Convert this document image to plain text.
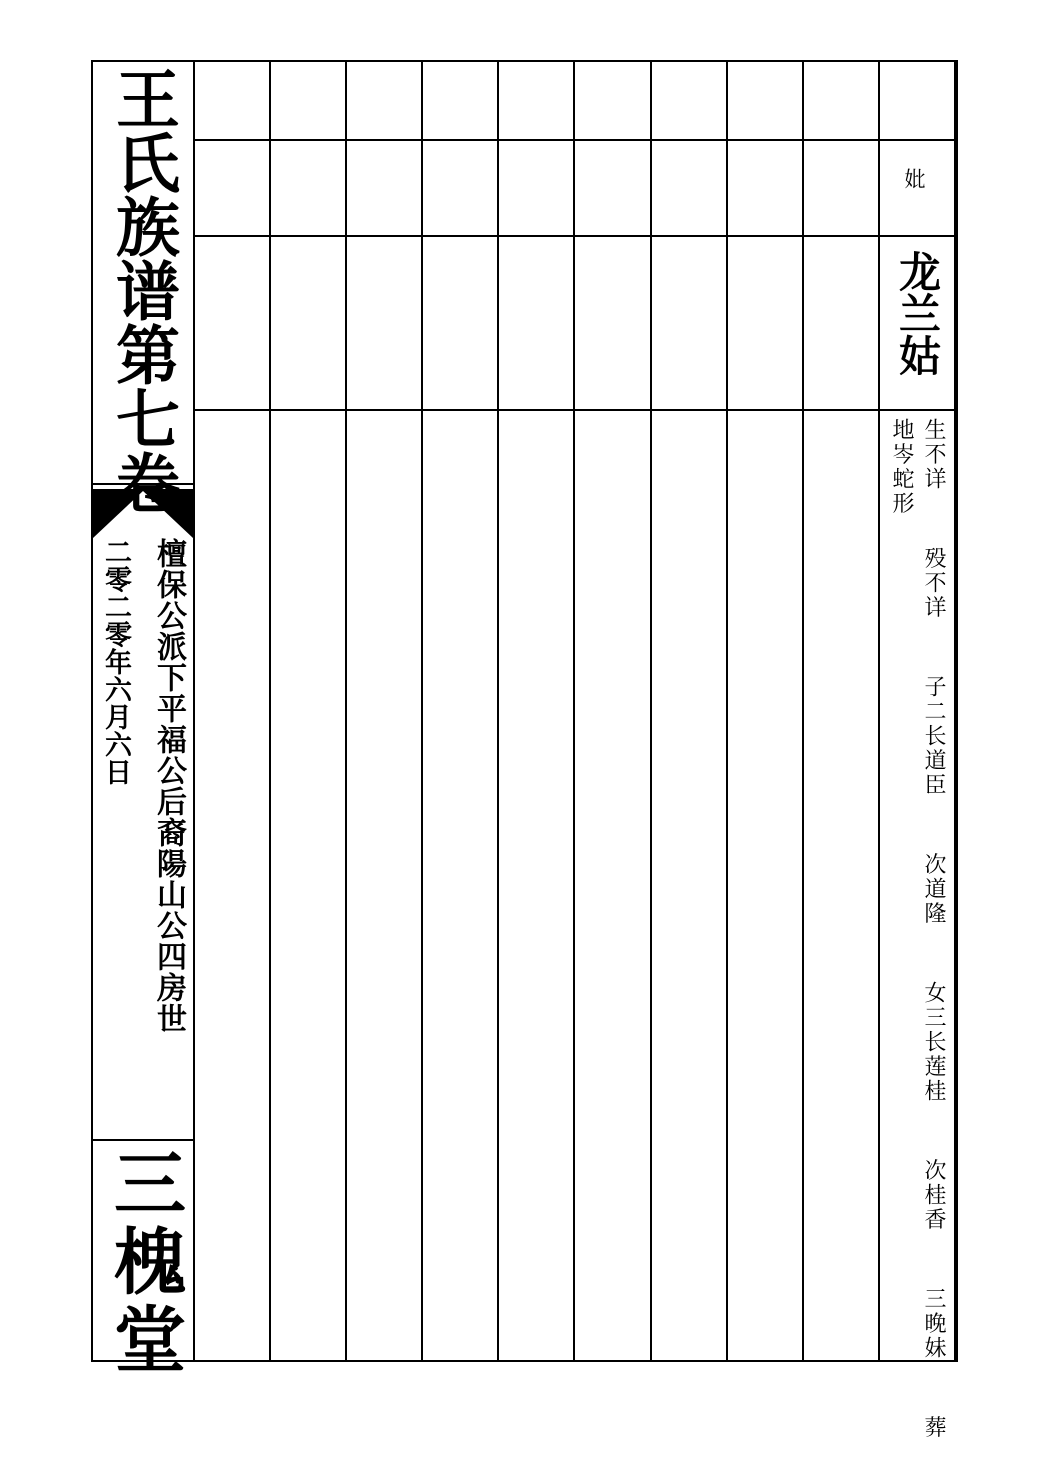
王氏族谱第七卷
檀保公派下平福公后裔陽山公四房世
二零二零年六月六日
三槐堂
妣
龙兰姑
生不详  殁不详  子二长道臣  次道隆  女三长莲桂  次桂香  三晚妹  葬
地岑蛇形
